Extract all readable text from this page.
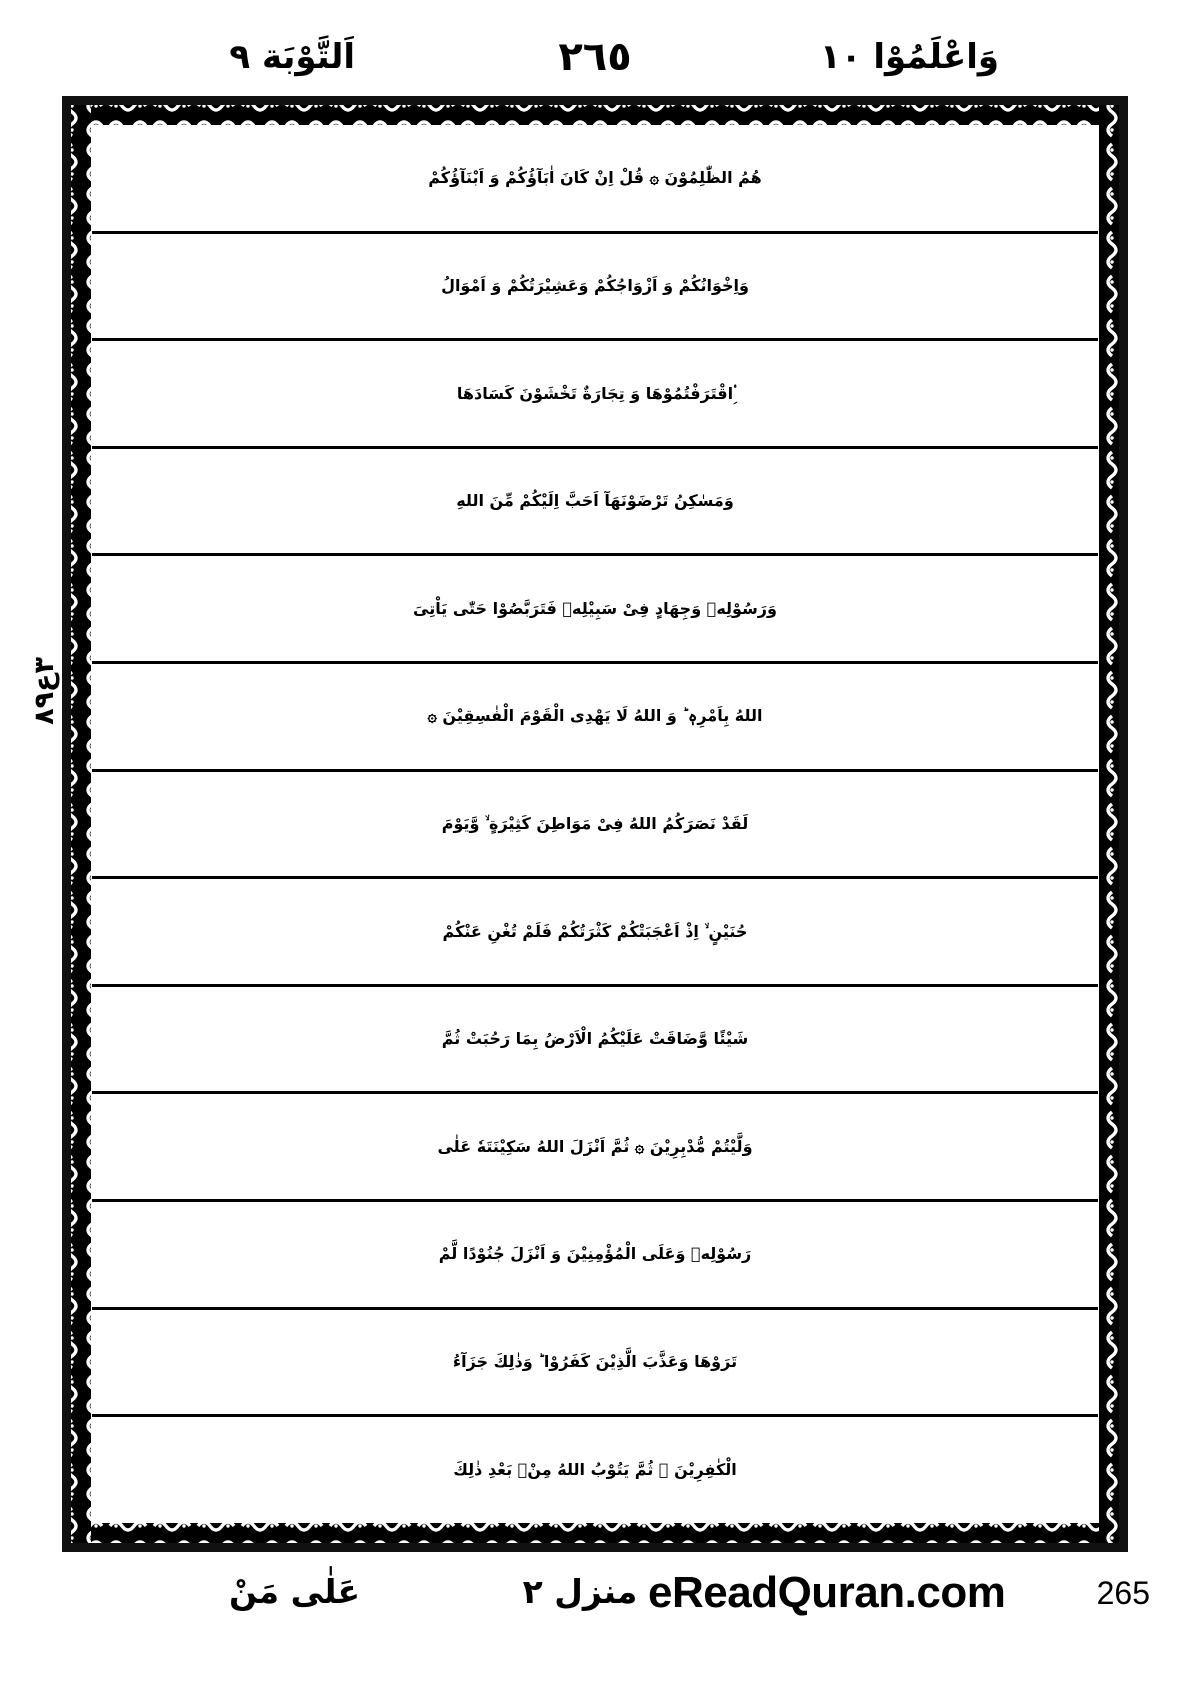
اَلتَّوْبَة ٩	٢٦٥	وَاعْلَمُوْا ١٠
٣ع٨٩
هُمُ الظّٰلِمُوْنَ ۞ قُلْ اِنْ كَانَ اٰبَآؤُكُمْ وَ اَبْنَآؤُكُمْ
وَاِخْوَانُكُمْ وَ اَزْوَاجُكُمْ وَعَشِيْرَتُكُمْ وَ اَمْوَالُ
ِ۟اقْتَرَفْتُمُوْهَا وَ تِجَارَةٌ تَخْشَوْنَ كَسَادَهَا
وَمَسٰكِنُ تَرْضَوْنَهَآ اَحَبَّ اِلَيْكُمْ مِّنَ اللهِ
وَرَسُوْلِهٖ وَجِهَادٍ فِىْ سَبِيْلِهٖ فَتَرَبَّصُوْا حَتّٰى يَاْتِىَ
اللهُ بِاَمْرِهٖ ؕ وَ اللهُ لَا يَهْدِى الْقَوْمَ الْفٰسِقِيْنَ ۞
لَقَدْ نَصَرَكُمُ اللهُ فِىْ مَوَاطِنَ كَثِيْرَةٍ ۙ وَّيَوْمَ
حُنَيْنٍ ۙ اِذْ اَعْجَبَتْكُمْ كَثْرَتُكُمْ فَلَمْ تُغْنِ عَنْكُمْ
شَيْئًا وَّضَاقَتْ عَلَيْكُمُ الْاَرْضُ بِمَا رَحُبَتْ ثُمَّ
وَلَّيْتُمْ مُّدْبِرِيْنَ ۞ ثُمَّ اَنْزَلَ اللهُ سَكِيْنَتَهٗ عَلٰى
رَسُوْلِهٖ وَعَلَى الْمُؤْمِنِيْنَ وَ اَنْزَلَ جُنُوْدًا لَّمْ
تَرَوْهَا وَعَذَّبَ الَّذِيْنَ كَفَرُوْا ؕ وَذٰلِكَ جَزَآءُ
الْكٰفِرِيْنَ ۞ ثُمَّ يَتُوْبُ اللهُ مِنْۢ بَعْدِ ذٰلِكَ
عَلٰى مَنْ	منزل ٢ eReadQuran.com	265
